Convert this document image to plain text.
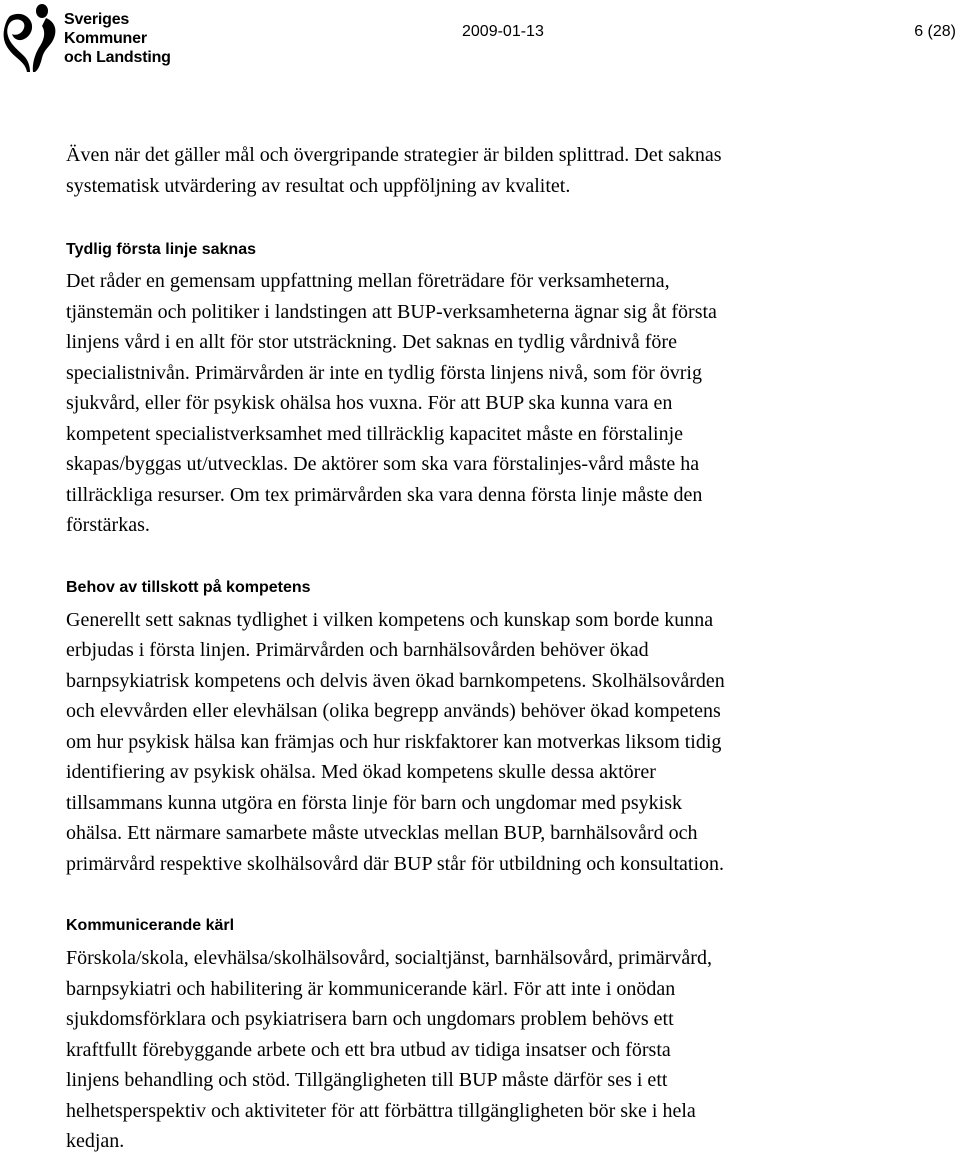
Sveriges
Kommuner
och Landsting
2009-01-13	6 (28)

Även när det gäller mål och övergripande strategier är bilden splittrad. Det saknas
systematisk utvärdering av resultat och uppföljning av kvalitet.

Tydlig första linje saknas

Det råder en gemensam uppfattning mellan företrädare för verksamheterna,
tjänstemän och politiker i landstingen att BUP-verksamheterna ägnar sig åt första
linjens vård i en allt för stor utsträckning. Det saknas en tydlig vårdnivå före
specialistnivån. Primärvården är inte en tydlig första linjens nivå, som för övrig
sjukvård, eller för psykisk ohälsa hos vuxna. För att BUP ska kunna vara en
kompetent specialistverksamhet med tillräcklig kapacitet måste en förstalinje
skapas/byggas ut/utvecklas. De aktörer som ska vara förstalinjes-vård måste ha
tillräckliga resurser. Om tex primärvården ska vara denna första linje måste den
förstärkas.

Behov av tillskott på kompetens

Generellt sett saknas tydlighet i vilken kompetens och kunskap som borde kunna
erbjudas i första linjen. Primärvården och barnhälsovården behöver ökad
barnpsykiatrisk kompetens och delvis även ökad barnkompetens. Skolhälsovården
och elevvården eller elevhälsan (olika begrepp används) behöver ökad kompetens
om hur psykisk hälsa kan främjas och hur riskfaktorer kan motverkas liksom tidig
identifiering av psykisk ohälsa. Med ökad kompetens skulle dessa aktörer
tillsammans kunna utgöra en första linje för barn och ungdomar med psykisk
ohälsa. Ett närmare samarbete måste utvecklas mellan BUP, barnhälsovård och
primärvård respektive skolhälsovård där BUP står för utbildning och konsultation.

Kommunicerande kärl

Förskola/skola, elevhälsa/skolhälsovård, socialtjänst, barnhälsovård, primärvård,
barnpsykiatri och habilitering är kommunicerande kärl. För att inte i onödan
sjukdomsförklara och psykiatrisera barn och ungdomars problem behövs ett
kraftfullt förebyggande arbete och ett bra utbud av tidiga insatser och första
linjens behandling och stöd. Tillgängligheten till BUP måste därför ses i ett
helhetsperspektiv och aktiviteter för att förbättra tillgängligheten bör ske i hela
kedjan.
